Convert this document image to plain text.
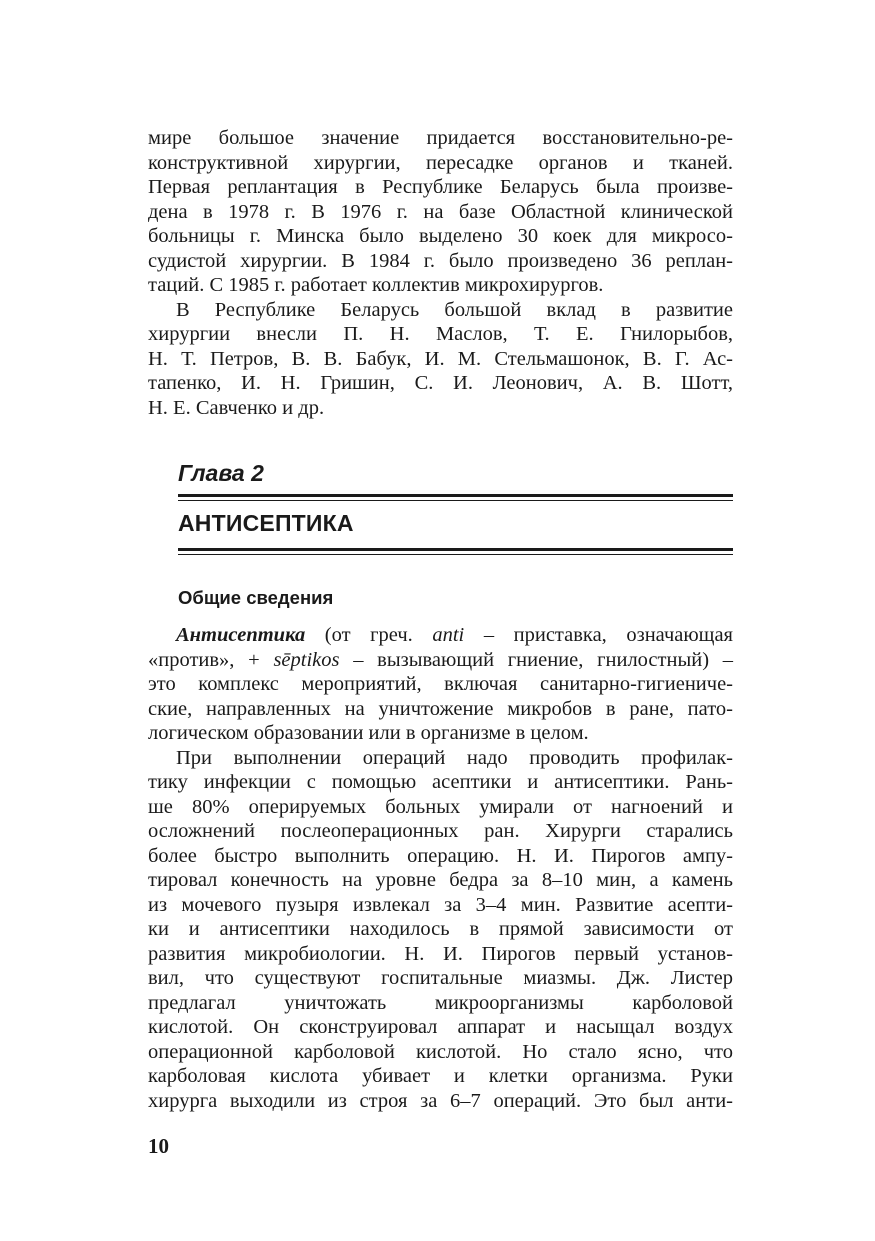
мире большое значение придается восстановительно-ре-
конструктивной хирургии, пересадке органов и тканей.
Первая реплантация в Республике Беларусь была произве-
дена в 1978 г. В 1976 г. на базе Областной клинической
больницы г. Минска было выделено 30 коек для микросо-
судистой хирургии. В 1984 г. было произведено 36 реплан-
таций. С 1985 г. работает коллектив микрохирургов.
В Республике Беларусь большой вклад в развитие
хирургии внесли П. Н. Маслов, Т. Е. Гнилорыбов,
Н. Т. Петров, В. В. Бабук, И. М. Стельмашонок, В. Г. Ас-
тапенко, И. Н. Гришин, С. И. Леонович, А. В. Шотт,
Н. Е. Савченко и др.

Глава 2

АНТИСЕПТИКА

Общие сведения

Антисептика (от греч. anti – приставка, означающая
«против», + sēptikos – вызывающий гниение, гнилостный) –
это комплекс мероприятий, включая санитарно-гигиениче-
ские, направленных на уничтожение микробов в ране, пато-
логическом образовании или в организме в целом.
При выполнении операций надо проводить профилак-
тику инфекции с помощью асептики и антисептики. Рань-
ше 80% оперируемых больных умирали от нагноений и
осложнений послеоперационных ран. Хирурги старались
более быстро выполнить операцию. Н. И. Пирогов ампу-
тировал конечность на уровне бедра за 8–10 мин, а камень
из мочевого пузыря извлекал за 3–4 мин. Развитие асепти-
ки и антисептики находилось в прямой зависимости от
развития микробиологии. Н. И. Пирогов первый установ-
вил, что существуют госпитальные миазмы. Дж. Листер
предлагал уничтожать микроорганизмы карболовой
кислотой. Он сконструировал аппарат и насыщал воздух
операционной карболовой кислотой. Но стало ясно, что
карболовая кислота убивает и клетки организма. Руки
хирурга выходили из строя за 6–7 операций. Это был анти-

10
